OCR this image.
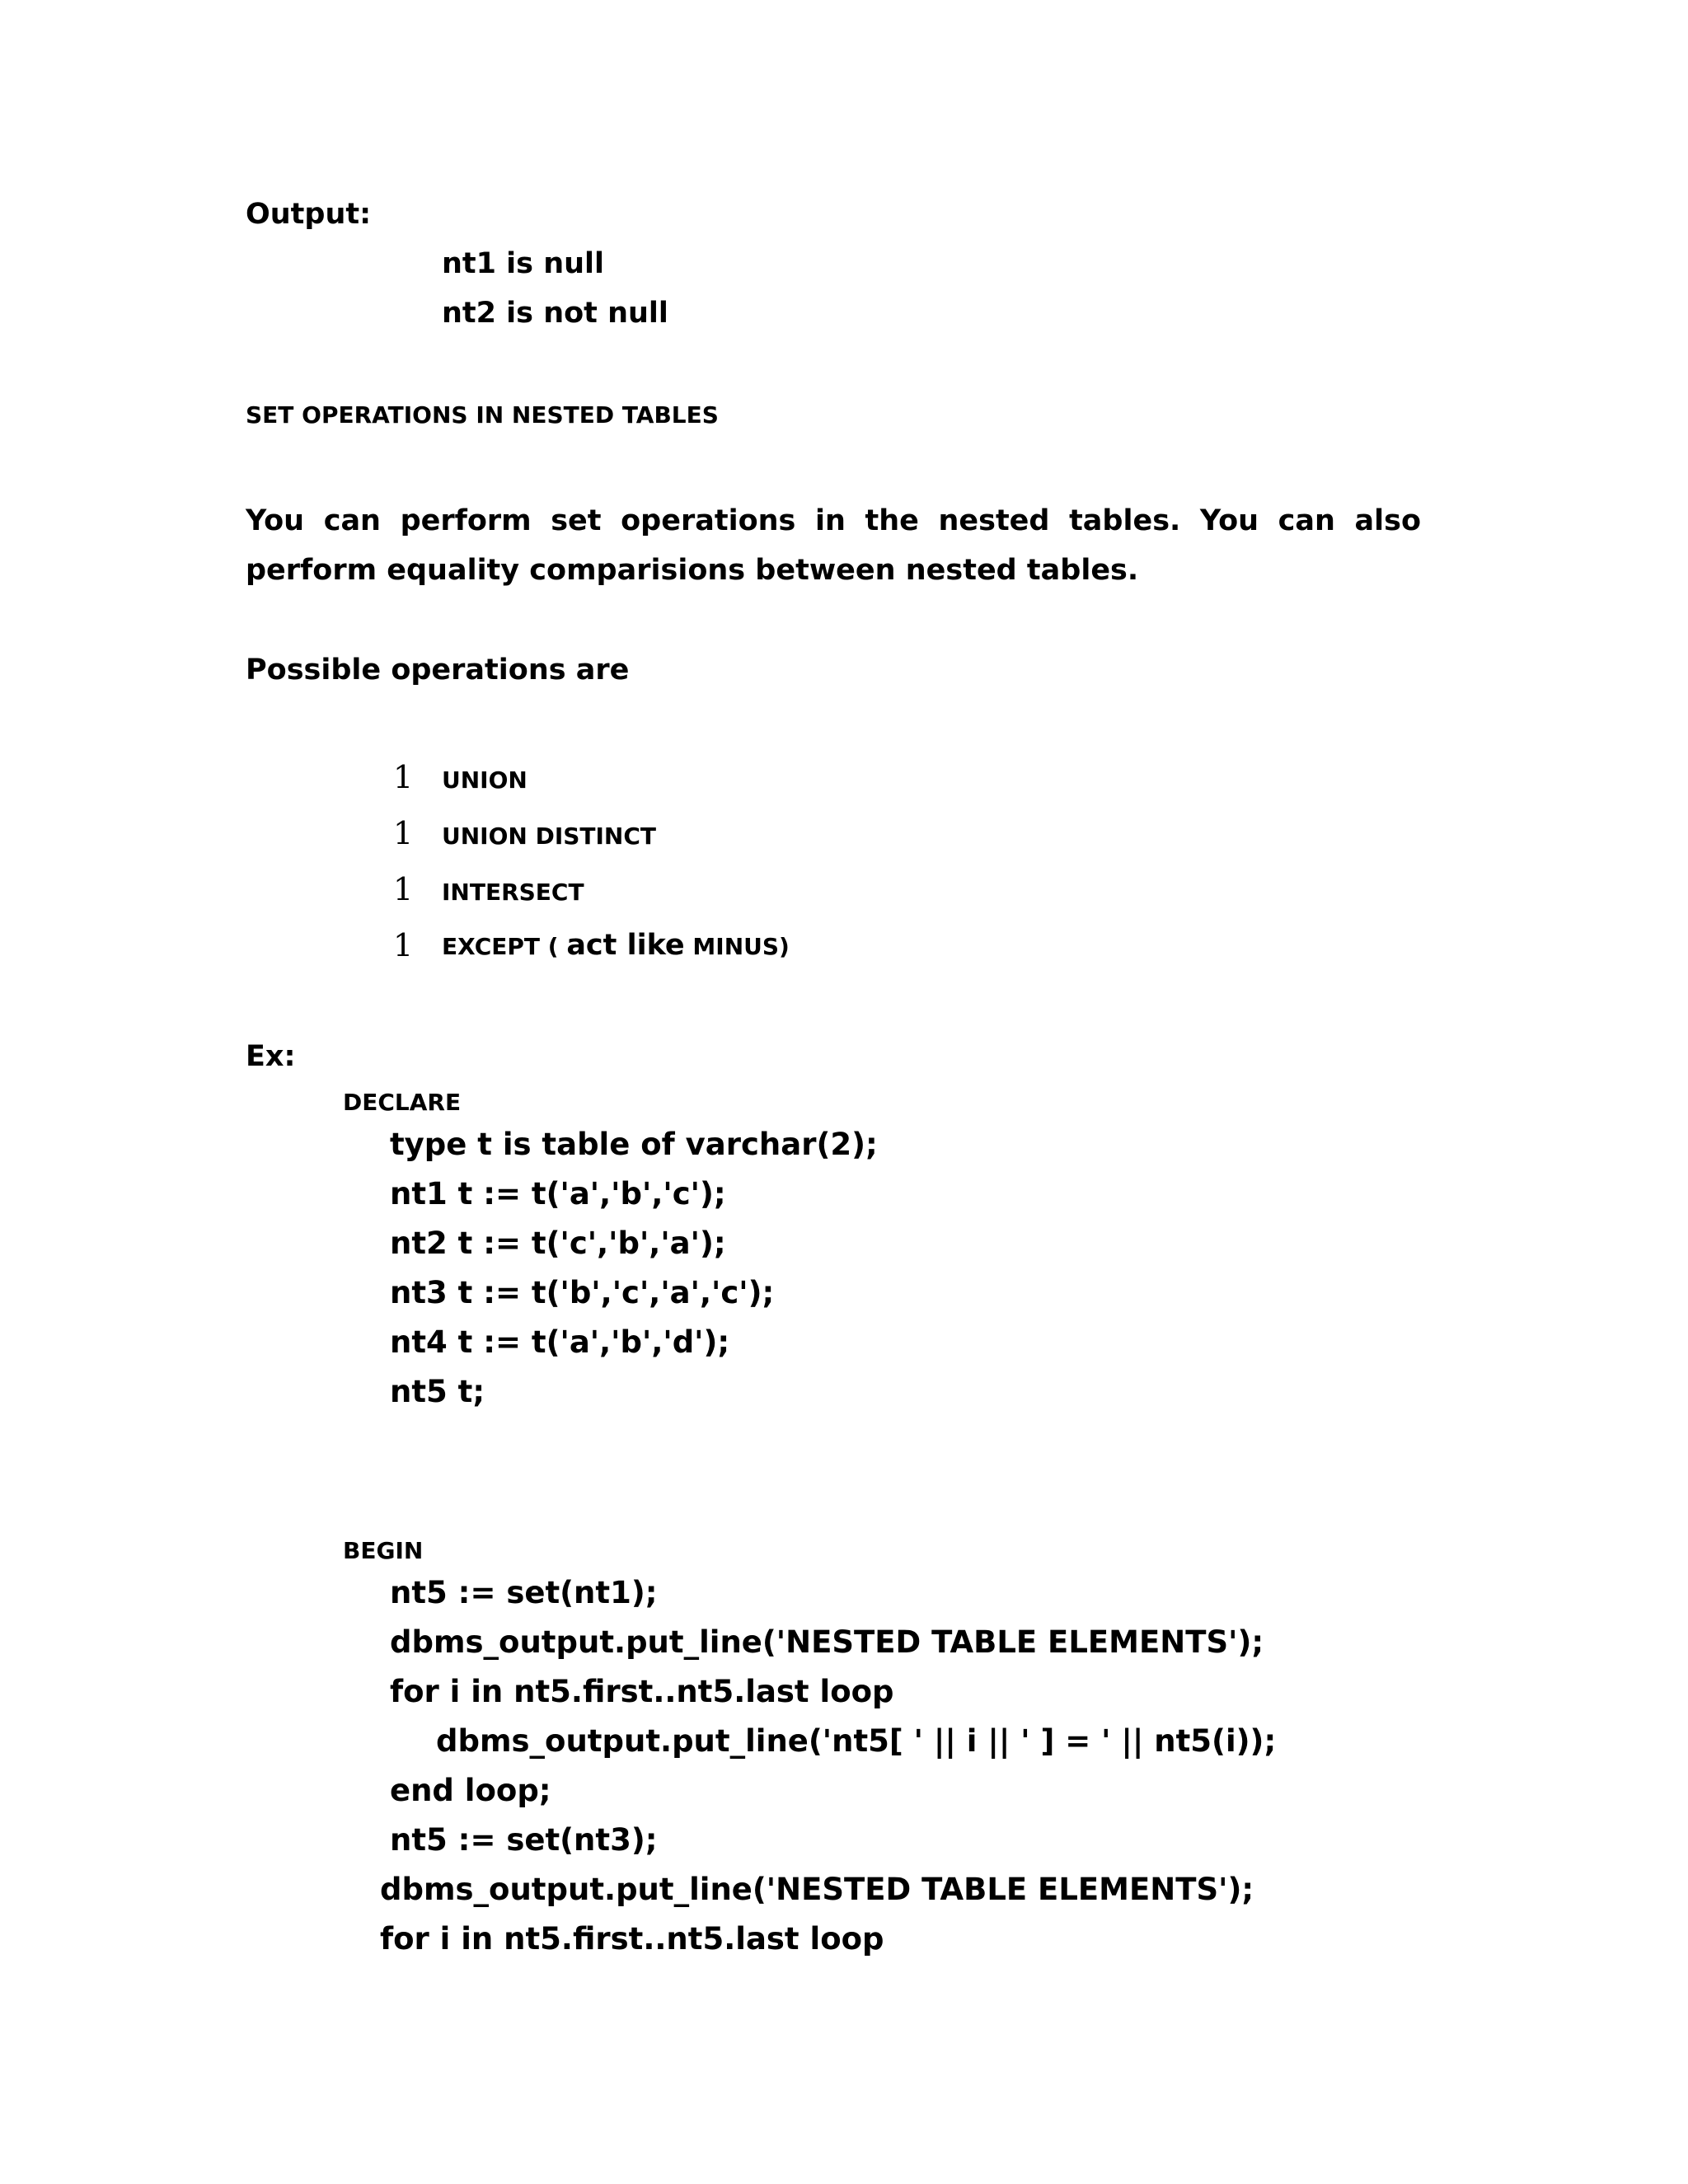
Output:
nt1 is null
nt2 is not null
SET OPERATIONS IN NESTED TABLES
You can perform set operations in the nested tables. You can also perform equality comparisions between nested tables.
Possible operations are
1 UNION
1 UNION DISTINCT
1 INTERSECT
1 EXCEPT ( act like MINUS)
Ex:
DECLARE
type t is table of varchar(2);
nt1 t := t('a','b','c');
nt2 t := t('c','b','a');
nt3 t := t('b','c','a','c');
nt4 t := t('a','b','d');
nt5 t;
BEGIN
nt5 := set(nt1);
dbms_output.put_line('NESTED TABLE ELEMENTS');
for i in nt5.first..nt5.last loop
dbms_output.put_line('nt5[ ' || i || ' ] = ' || nt5(i));
end loop;
nt5 := set(nt3);
dbms_output.put_line('NESTED TABLE ELEMENTS');
for i in nt5.first..nt5.last loop
